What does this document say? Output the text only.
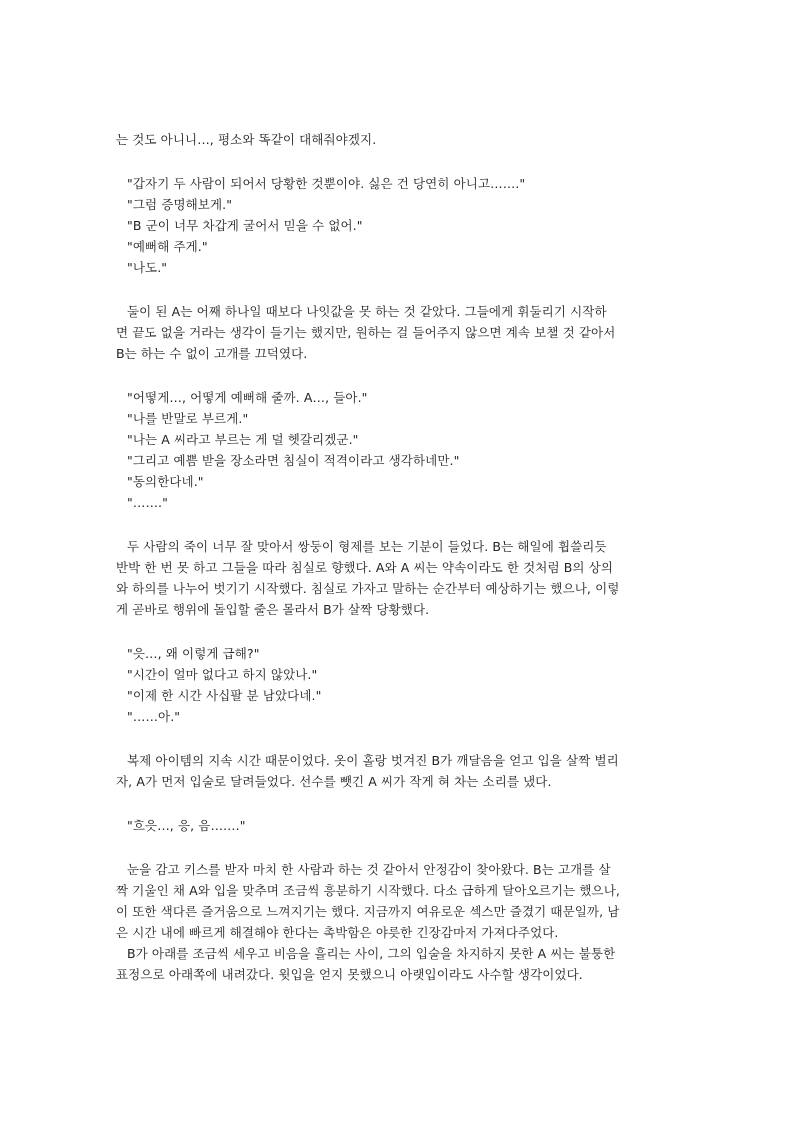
는 것도 아니니…, 평소와 똑같이 대해줘야겠지.
"갑자기 두 사람이 되어서 당황한 것뿐이야. 싫은 건 당연히 아니고……."
"그럼 증명해보게."
"B 군이 너무 차갑게 굴어서 믿을 수 없어."
"예뻐해 주게."
"나도."
둘이 된 A는 어째 하나일 때보다 나잇값을 못 하는 것 같았다. 그들에게 휘둘리기 시작하
면 끝도 없을 거라는 생각이 들기는 했지만, 원하는 걸 들어주지 않으면 계속 보챌 것 같아서
B는 하는 수 없이 고개를 끄덕였다.
"어떻게…, 어떻게 예뻐해 줄까. A…, 들아."
"나를 반말로 부르게."
"나는 A 씨라고 부르는 게 덜 헷갈리겠군."
"그리고 예쁨 받을 장소라면 침실이 적격이라고 생각하네만."
"동의한다네."
"……."
두 사람의 죽이 너무 잘 맞아서 쌍둥이 형제를 보는 기분이 들었다. B는 해일에 휩쓸리듯
반박 한 번 못 하고 그들을 따라 침실로 향했다. A와 A 씨는 약속이라도 한 것처럼 B의 상의
와 하의를 나누어 벗기기 시작했다. 침실로 가자고 말하는 순간부터 예상하기는 했으나, 이렇
게 곧바로 행위에 돌입할 줄은 몰라서 B가 살짝 당황했다.
"읏…, 왜 이렇게 급해?"
"시간이 얼마 없다고 하지 않았나."
"이제 한 시간 사십팔 분 남았다네."
"……아."
복제 아이템의 지속 시간 때문이었다. 옷이 홀랑 벗겨진 B가 깨달음을 얻고 입을 살짝 벌리
자, A가 먼저 입술로 달려들었다. 선수를 뺏긴 A 씨가 작게 혀 차는 소리를 냈다.
"흐읏…, 응, 음……."
눈을 감고 키스를 받자 마치 한 사람과 하는 것 같아서 안정감이 찾아왔다. B는 고개를 살
짝 기울인 채 A와 입을 맞추며 조금씩 흥분하기 시작했다. 다소 급하게 달아오르기는 했으나,
이 또한 색다른 즐거움으로 느껴지기는 했다. 지금까지 여유로운 섹스만 즐겼기 때문일까, 남
은 시간 내에 빠르게 해결해야 한다는 촉박함은 야릇한 긴장감마저 가져다주었다.
B가 아래를 조금씩 세우고 비음을 흘리는 사이, 그의 입술을 차지하지 못한 A 씨는 불퉁한
표정으로 아래쪽에 내려갔다. 윗입을 얻지 못했으니 아랫입이라도 사수할 생각이었다.
